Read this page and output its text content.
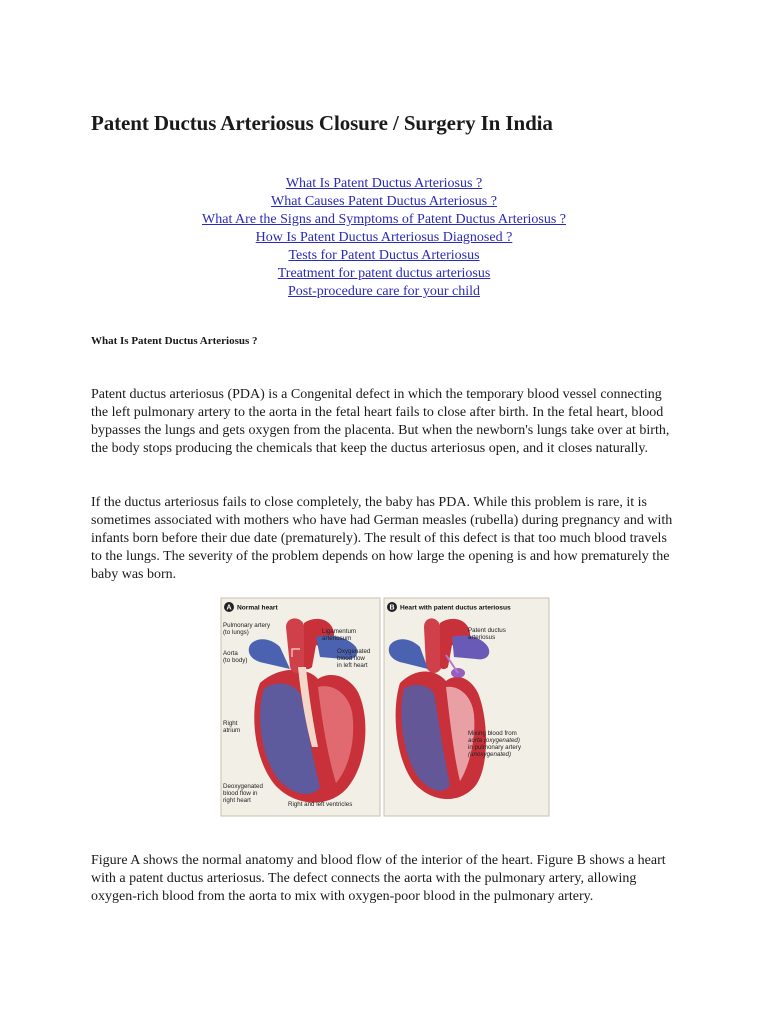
Patent Ductus Arteriosus Closure / Surgery In India
What Is Patent Ductus Arteriosus ?
What Causes Patent Ductus Arteriosus ?
What Are the Signs and Symptoms of Patent Ductus Arteriosus ?
How Is Patent Ductus Arteriosus Diagnosed ?
Tests for Patent Ductus Arteriosus
Treatment for patent ductus arteriosus
Post-procedure care for your child
What Is Patent Ductus Arteriosus ?

Patent ductus arteriosus (PDA) is a Congenital defect in which the temporary blood vessel connecting the left pulmonary artery to the aorta in the fetal heart fails to close after birth. In the fetal heart, blood bypasses the lungs and gets oxygen from the placenta. But when the newborn's lungs take over at birth, the body stops producing the chemicals that keep the ductus arteriosus open, and it closes naturally.

If the ductus arteriosus fails to close completely, the baby has PDA. While this problem is rare, it is sometimes associated with mothers who have had German measles (rubella) during pregnancy and with infants born before their due date (prematurely). The result of this defect is that too much blood travels to the lungs. The severity of the problem depends on how large the opening is and how prematurely the baby was born.

A Normal heart
Pulmonary artery
(to lungs)
Aorta
(to body)
Ligamentum
arteriosum
Oxygenated
blood flow
in left heart
Right
atrium
Deoxygenated
blood flow in
right heart
Right and left ventricles
B Heart with patent ductus arteriosus
Patent ductus
arteriosus
Mixing blood from
aorta (oxygenated)
in pulmonary artery
(unoxygenated)

Figure A shows the normal anatomy and blood flow of the interior of the heart. Figure B shows a heart with a patent ductus arteriosus. The defect connects the aorta with the pulmonary artery, allowing oxygen-rich blood from the aorta to mix with oxygen-poor blood in the pulmonary artery.
